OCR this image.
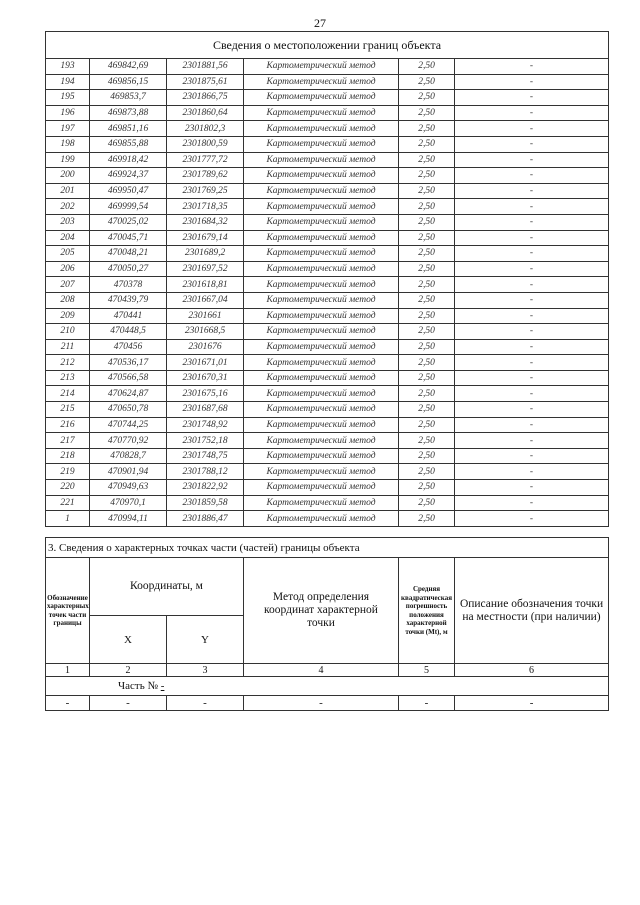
27
Сведения о местоположении границ объекта					
193	469842,69	2301881,56	Картометрический метод	2,50	-
194	469856,15	2301875,61	Картометрический метод	2,50	-
195	469853,7	2301866,75	Картометрический метод	2,50	-
196	469873,88	2301860,64	Картометрический метод	2,50	-
197	469851,16	2301802,3	Картометрический метод	2,50	-
198	469855,88	2301800,59	Картометрический метод	2,50	-
199	469918,42	2301777,72	Картометрический метод	2,50	-
200	469924,37	2301789,62	Картометрический метод	2,50	-
201	469950,47	2301769,25	Картометрический метод	2,50	-
202	469999,54	2301718,35	Картометрический метод	2,50	-
203	470025,02	2301684,32	Картометрический метод	2,50	-
204	470045,71	2301679,14	Картометрический метод	2,50	-
205	470048,21	2301689,2	Картометрический метод	2,50	-
206	470050,27	2301697,52	Картометрический метод	2,50	-
207	470378	2301618,81	Картометрический метод	2,50	-
208	470439,79	2301667,04	Картометрический метод	2,50	-
209	470441	2301661	Картометрический метод	2,50	-
210	470448,5	2301668,5	Картометрический метод	2,50	-
211	470456	2301676	Картометрический метод	2,50	-
212	470536,17	2301671,01	Картометрический метод	2,50	-
213	470566,58	2301670,31	Картометрический метод	2,50	-
214	470624,87	2301675,16	Картометрический метод	2,50	-
215	470650,78	2301687,68	Картометрический метод	2,50	-
216	470744,25	2301748,92	Картометрический метод	2,50	-
217	470770,92	2301752,18	Картометрический метод	2,50	-
218	470828,7	2301748,75	Картометрический метод	2,50	-
219	470901,94	2301788,12	Картометрический метод	2,50	-
220	470949,63	2301822,92	Картометрический метод	2,50	-
221	470970,1	2301859,58	Картометрический метод	2,50	-
1	470994,11	2301886,47	Картометрический метод	2,50	-
3. Сведения о характерных точках части (частей) границы объекта					
Обозначение характерных точек части границы	Координаты, м		Метод определения координат характерной точки	Средняя квадратическая погрешность положения характерной точки (Mt), м	Описание обозначения точки на местности (при наличии)
	X	Y			
1	2	3	4	5	6
Часть № -					
-	-	-	-	-	-
